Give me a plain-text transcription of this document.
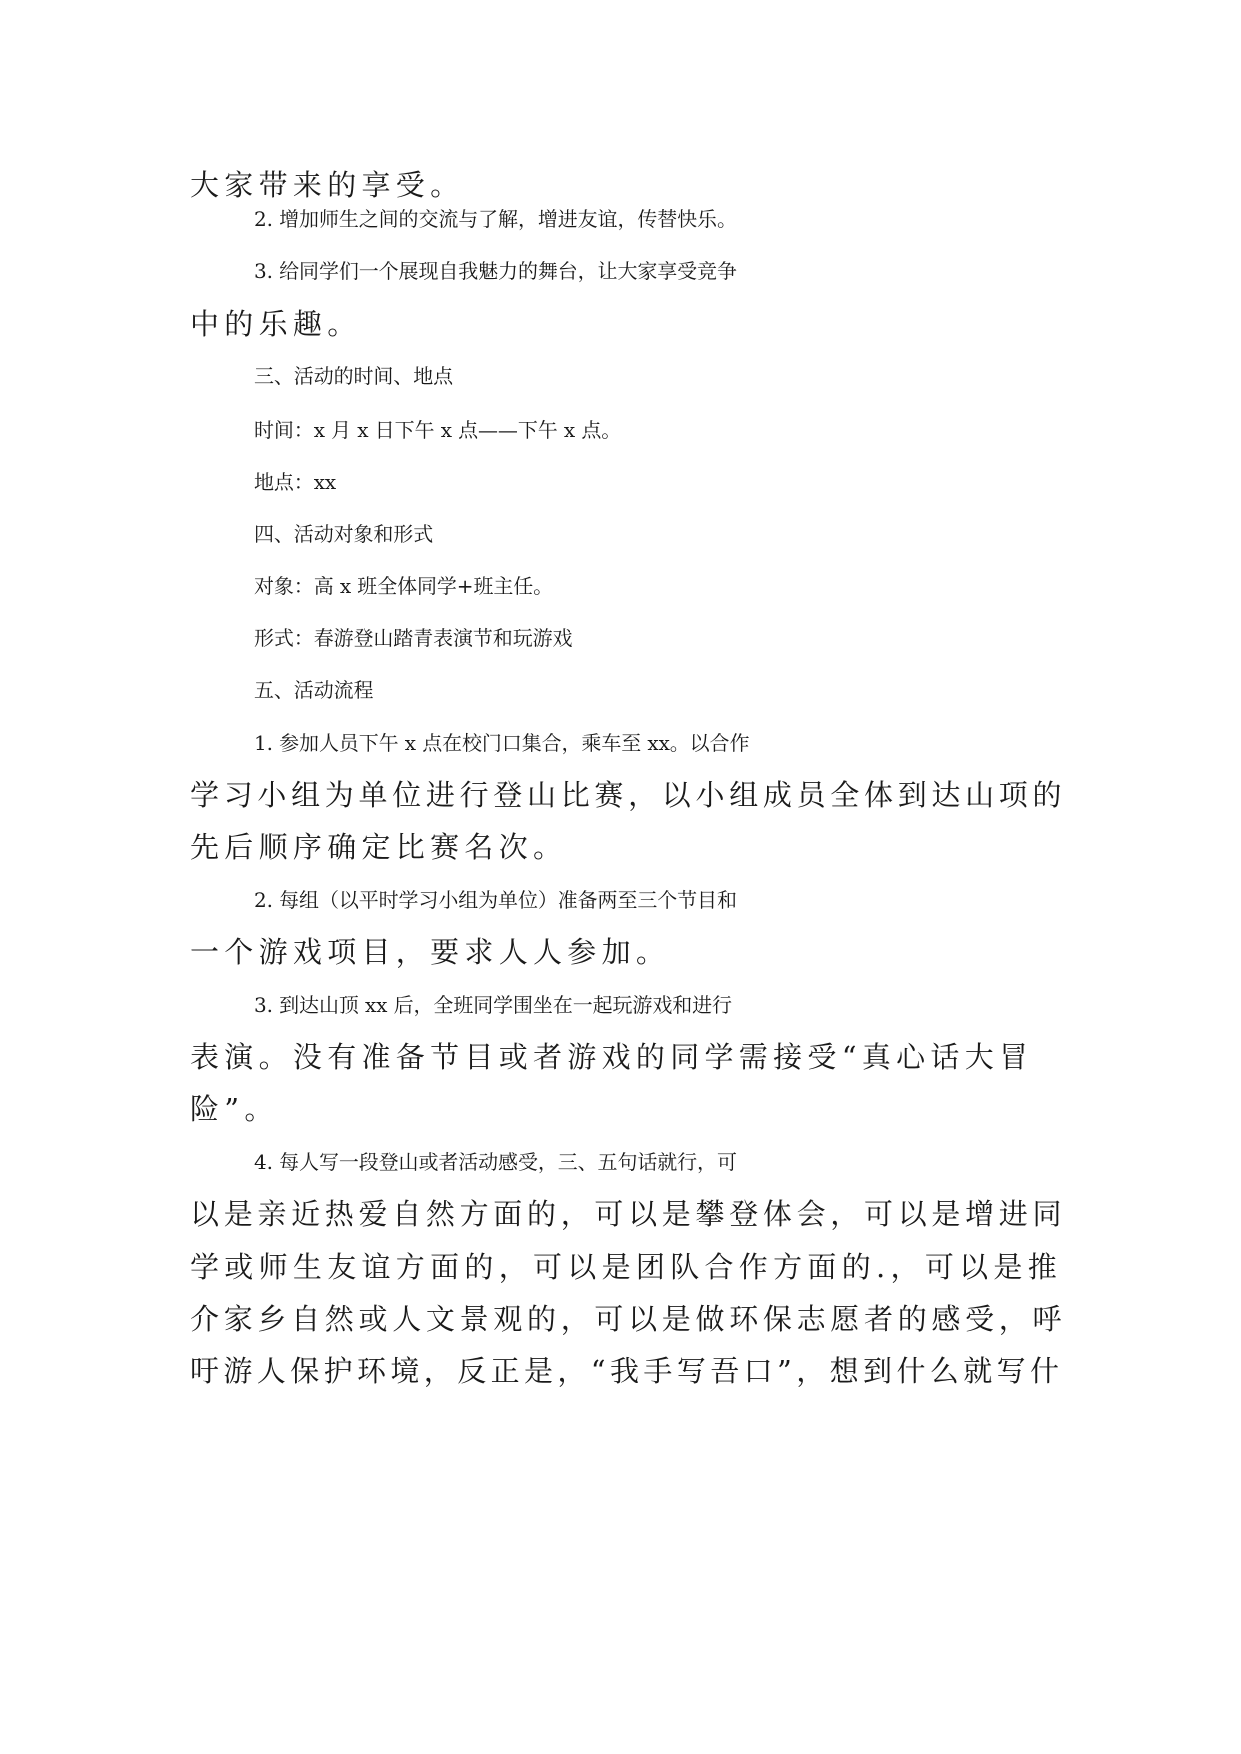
大家带来的享受。
2. 增加师生之间的交流与了解，增进友谊，传替快乐。
3. 给同学们一个展现自我魅力的舞台，让大家享受竞争
中的乐趣。
三、活动的时间、地点
时间：x 月 x 日下午 x 点——下午 x 点。
地点：xx
四、活动对象和形式
对象：高 x 班全体同学+班主任。
形式：春游登山踏青表演节和玩游戏
五、活动流程
1. 参加人员下午 x 点在校门口集合，乘车至 xx。以合作
学习小组为单位进行登山比赛，以小组成员全体到达山项的
先后顺序确定比赛名次。
2. 每组（以平时学习小组为单位）准备两至三个节目和
一个游戏项目，要求人人参加。
3. 到达山顶 xx 后，全班同学围坐在一起玩游戏和进行
表演。没有准备节目或者游戏的同学需接受“真心话大冒
险”。
4. 每人写一段登山或者活动感受，三、五句话就行，可
以是亲近热爱自然方面的，可以是攀登体会，可以是增进同
学或师生友谊方面的，可以是团队合作方面的.，可以是推
介家乡自然或人文景观的，可以是做环保志愿者的感受，呼
吁游人保护环境，反正是，“我手写吾口”，想到什么就写什
